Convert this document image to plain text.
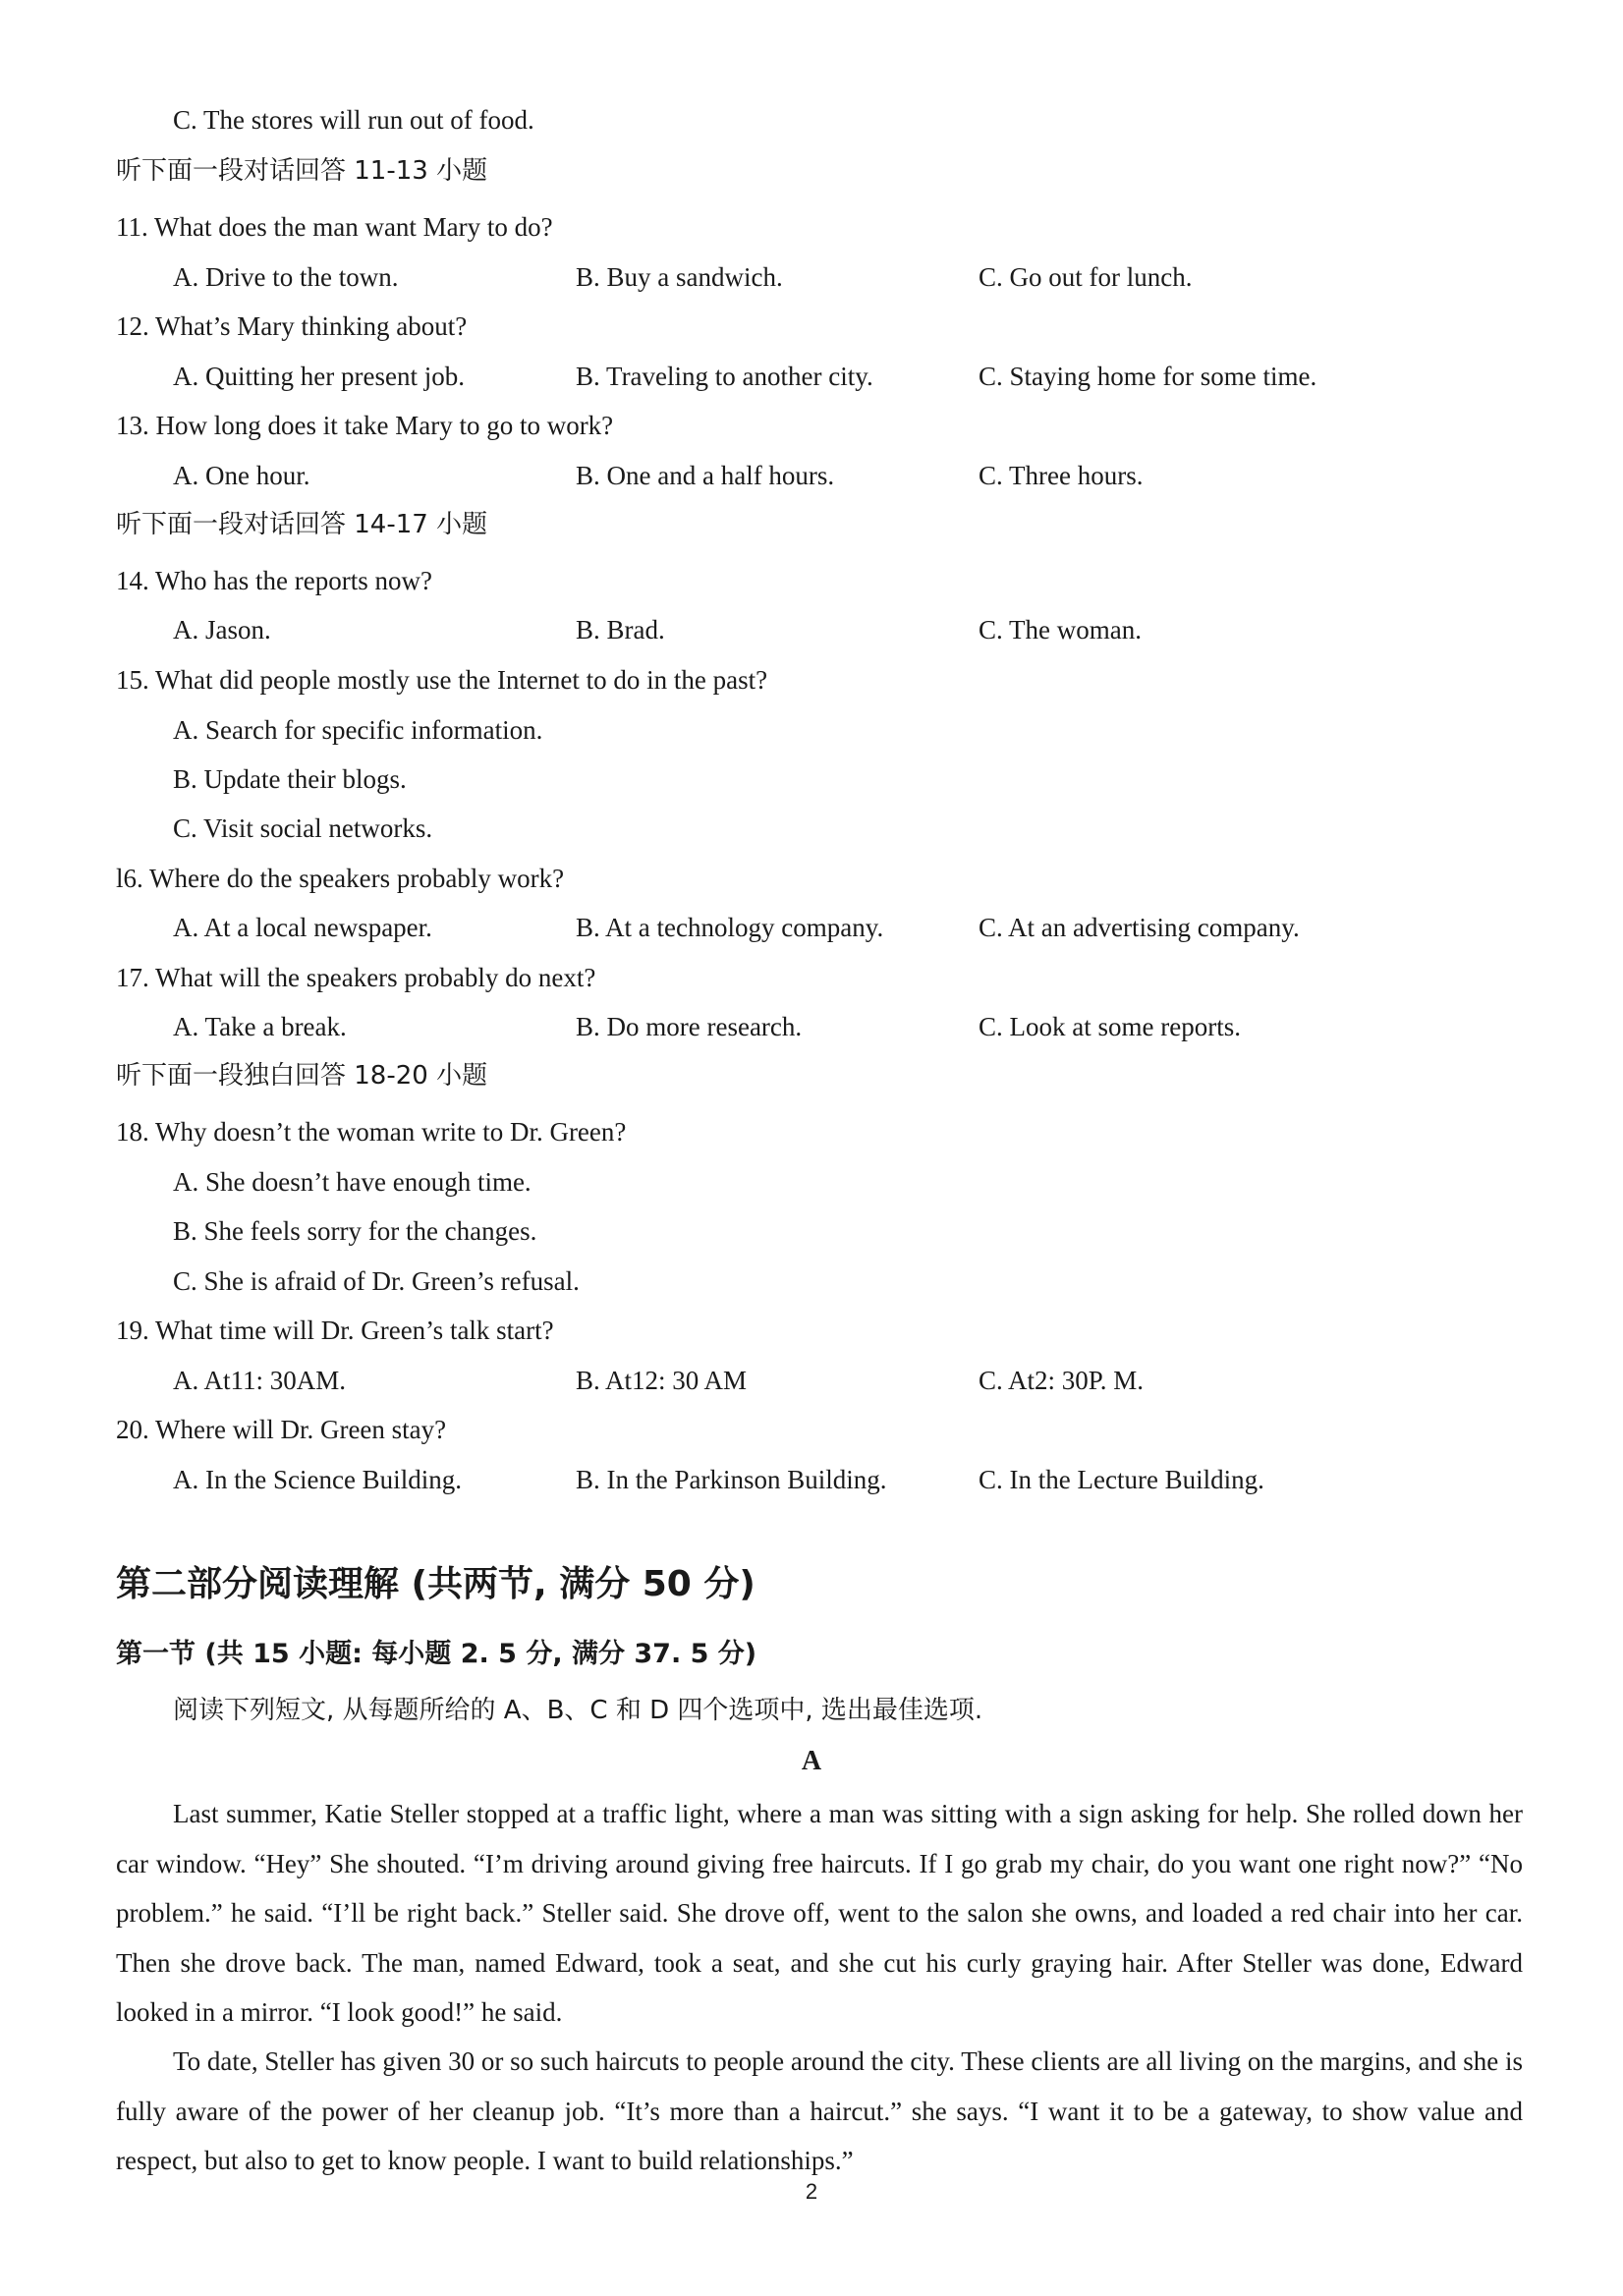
C. The stores will run out of food.
听下面一段对话回答 11-13 小题
11. What does the man want Mary to do?
A. Drive to the town.	B. Buy a sandwich.	C. Go out for lunch.
12. What’s Mary thinking about?
A. Quitting her present job.	B. Traveling to another city.	C. Staying home for some time.
13. How long does it take Mary to go to work?
A. One hour.	B. One and a half hours.	C. Three hours.
听下面一段对话回答 14-17 小题
14. Who has the reports now?
A. Jason.	B. Brad.	C. The woman.
15. What did people mostly use the Internet to do in the past?
A. Search for specific information.
B. Update their blogs.
C. Visit social networks.
l6. Where do the speakers probably work?
A. At a local newspaper.	B. At a technology company.	C. At an advertising company.
17. What will the speakers probably do next?
A. Take a break.	B. Do more research.	C. Look at some reports.
听下面一段独白回答 18-20 小题
18. Why doesn’t the woman write to Dr. Green?
A. She doesn’t have enough time.
B. She feels sorry for the changes.
C. She is afraid of Dr. Green’s refusal.
19. What time will Dr. Green’s talk start?
A. At11: 30AM.	B. At12: 30 AM	C. At2: 30P. M.
20. Where will Dr. Green stay?
A. In the Science Building.	B. In the Parkinson Building.	C. In the Lecture Building.
第二部分阅读理解 (共两节, 满分 50 分)
第一节 (共 15 小题: 每小题 2. 5 分, 满分 37. 5 分)
阅读下列短文, 从每题所给的 A、B、C 和 D 四个选项中, 选出最佳选项.
A

Last summer, Katie Steller stopped at a traffic light, where a man was sitting with a sign asking for help. She rolled down her car window. “Hey” She shouted. “I’m driving around giving free haircuts. If I go grab my chair, do you want one right now?” “No problem.” he said. “I’ll be right back.” Steller said. She drove off, went to the salon she owns, and loaded a red chair into her car. Then she drove back. The man, named Edward, took a seat, and she cut his curly graying hair. After Steller was done, Edward looked in a mirror. “I look good!” he said.

To date, Steller has given 30 or so such haircuts to people around the city. These clients are all living on the margins, and she is fully aware of the power of her cleanup job. “It’s more than a haircut.” she says. “I want it to be a gateway, to show value and respect, but also to get to know people. I want to build relationships.”

2
